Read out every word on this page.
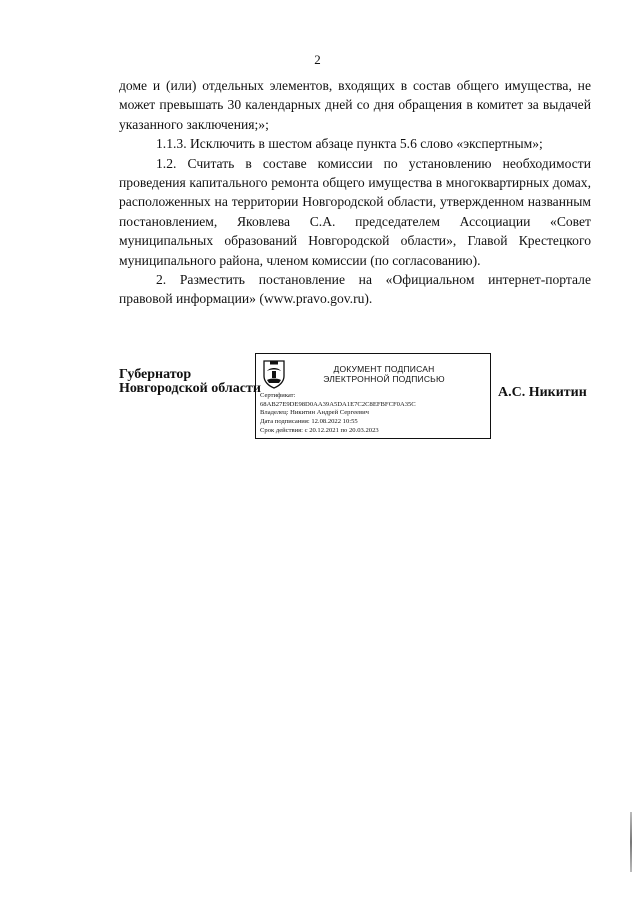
2

доме и (или) отдельных элементов, входящих в состав общего имущества, не может превышать 30 календарных дней со дня обращения в комитет за выдачей указанного заключения;»;

1.1.3. Исключить в шестом абзаце пункта 5.6 слово «экспертным»;

1.2. Считать в составе комиссии по установлению необходимости проведения капитального ремонта общего имущества в многоквартирных домах, расположенных на территории Новгородской области, утвержденном названным постановлением, Яковлева С.А. председателем Ассоциации «Совет муниципальных образований Новгородской области», Главой Крестецкого муниципального района, членом комиссии (по согласованию).

2. Разместить постановление на «Официальном интернет-портале правовой информации» (www.pravo.gov.ru).

Губернатор
Новгородской области
ДОКУМЕНТ ПОДПИСАН
ЭЛЕКТРОННОЙ ПОДПИСЬЮ
Сертификат:
68AB27E9DE98D0AA39A5DA1E7C2C8EFBFCF0A35C
Владелец: Никитин Андрей Сергеевич
Дата подписания: 12.08.2022 10:55
Срок действия: с 20.12.2021 по 20.03.2023
А.С. Никитин
